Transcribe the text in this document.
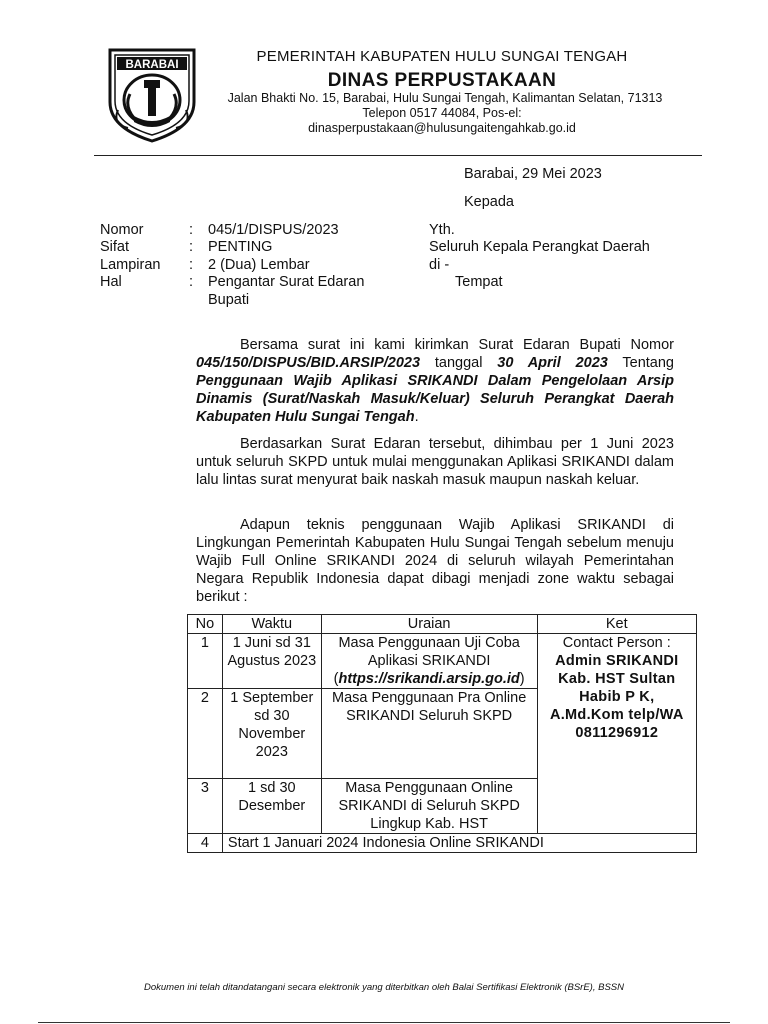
BARABAI	PEMERINTAH KABUPATEN HULU SUNGAI TENGAH
DINAS PERPUSTAKAAN
Jalan Bhakti No. 15, Barabai, Hulu Sungai Tengah, Kalimantan Selatan, 71313
Telepon 0517 44084, Pos-el:
dinasperpustakaan@hulusungaitengahkab.go.id
Barabai, 29 Mei 2023
Kepada
Nomor	: 045/1/DISPUS/2023
Sifat	: PENTING
Lampiran : 2 (Dua) Lembar
Hal	: Pengantar Surat Edaran Bupati
Yth.
Seluruh Kepala Perangkat Daerah
di -
Tempat
Bersama surat ini kami kirimkan Surat Edaran Bupati Nomor 045/150/DISPUS/BID.ARSIP/2023 tanggal 30 April 2023 Tentang Penggunaan Wajib Aplikasi SRIKANDI Dalam Pengelolaan Arsip Dinamis (Surat/Naskah Masuk/Keluar) Seluruh Perangkat Daerah Kabupaten Hulu Sungai Tengah.
Berdasarkan Surat Edaran tersebut, dihimbau per 1 Juni 2023 untuk seluruh SKPD untuk mulai menggunakan Aplikasi SRIKANDI dalam lalu lintas surat menyurat baik naskah masuk maupun naskah keluar.
Adapun teknis penggunaan Wajib Aplikasi SRIKANDI di Lingkungan Pemerintah Kabupaten Hulu Sungai Tengah sebelum menuju Wajib Full Online SRIKANDI 2024 di seluruh wilayah Pemerintahan Negara Republik Indonesia dapat dibagi menjadi zone waktu sebagai berikut :
No	Waktu	Uraian	Ket
1	1 Juni sd 31 Agustus 2023	Masa Penggunaan Uji Coba Aplikasi SRIKANDI (https://srikandi.arsip.go.id)	Contact Person :
Admin SRIKANDI Kab. HST Sultan Habib P K, A.Md.Kom telp/WA 0811296912

2	1 September sd 30 November 2023	Masa Penggunaan Pra Online SRIKANDI Seluruh SKPD	
3	1 sd 30 Desember	Masa Penggunaan Online SRIKANDI di Seluruh SKPD Lingkup Kab. HST	
4	Start 1 Januari 2024 Indonesia Online SRIKANDI		
Dokumen ini telah ditandatangani secara elektronik yang diterbitkan oleh Balai Sertifikasi Elektronik (BSrE), BSSN
